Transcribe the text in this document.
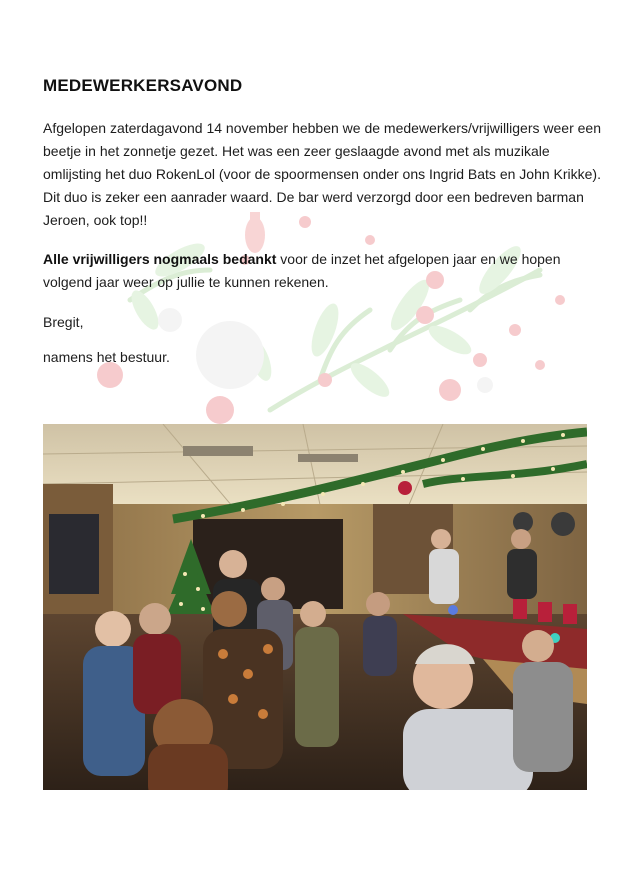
MEDEWERKERSAVOND
Afgelopen zaterdagavond 14 november hebben we de medewerkers/vrijwilligers weer een beetje in het zonnetje gezet. Het was een zeer geslaagde avond met als muzikale omlijsting het duo RokenLol (voor de spoormensen onder ons Ingrid Bats en John Krikke). Dit duo is zeker een aanrader waard. De bar werd verzorgd door een bedreven barman Jeroen, ook top!!
Alle vrijwilligers nogmaals bedankt voor de inzet het afgelopen jaar en we hopen volgend jaar weer op jullie te kunnen rekenen.
Bregit,
namens het bestuur.
